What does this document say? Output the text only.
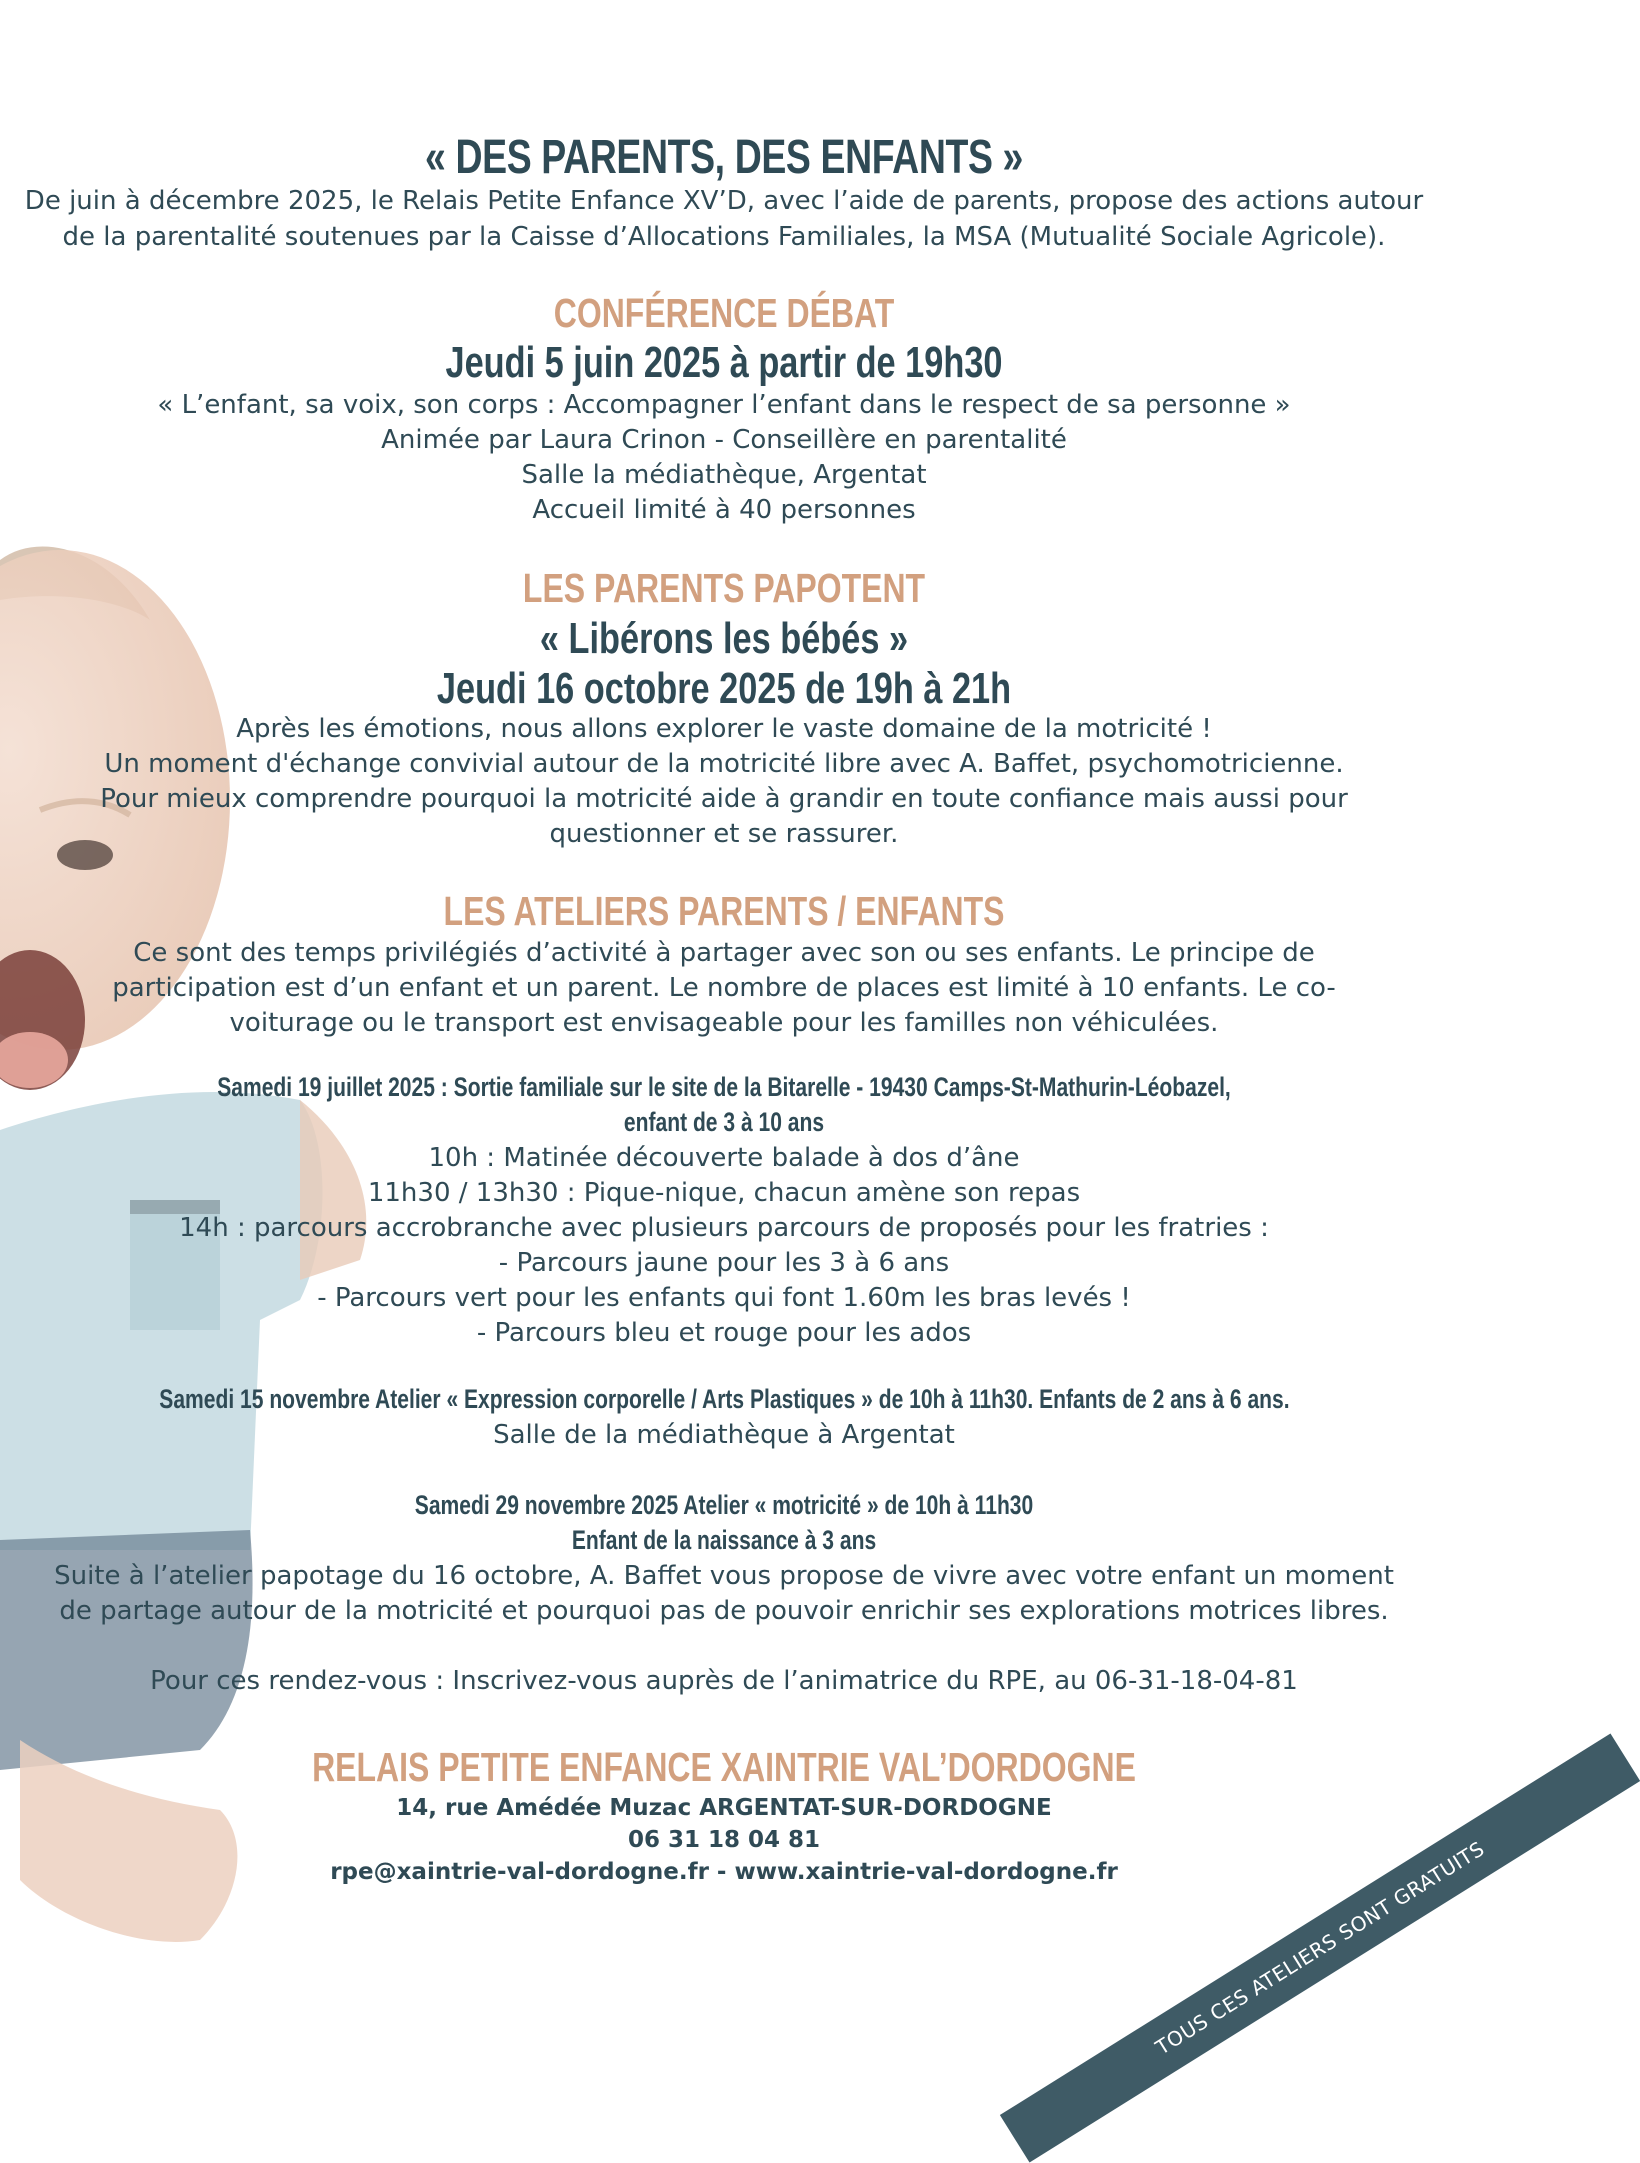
« DES PARENTS, DES ENFANTS »
De juin à décembre 2025, le Relais Petite Enfance XV’D, avec l’aide de parents, propose des actions autour
de la parentalité soutenues par la Caisse d’Allocations Familiales, la MSA (Mutualité Sociale Agricole).
CONFÉRENCE DÉBAT
Jeudi 5 juin 2025 à partir de 19h30
« L’enfant, sa voix, son corps : Accompagner l’enfant dans le respect de sa personne »
Animée par Laura Crinon - Conseillère en parentalité
Salle la médiathèque, Argentat
Accueil limité à 40 personnes
LES PARENTS PAPOTENT
« Libérons les bébés »
Jeudi 16 octobre 2025 de 19h à 21h
Après les émotions, nous allons explorer le vaste domaine de la motricité !
Un moment d'échange convivial autour de la motricité libre avec A. Baffet, psychomotricienne.
Pour mieux comprendre pourquoi la motricité aide à grandir en toute confiance mais aussi pour
questionner et se rassurer.
LES ATELIERS PARENTS / ENFANTS
Ce sont des temps privilégiés d’activité à partager avec son ou ses enfants. Le principe de
participation est d’un enfant et un parent. Le nombre de places est limité à 10 enfants. Le co-
voiturage ou le transport est envisageable pour les familles non véhiculées.
Samedi 19 juillet 2025 : Sortie familiale sur le site de la Bitarelle - 19430 Camps-St-Mathurin-Léobazel,
enfant de 3 à 10 ans
10h : Matinée découverte balade à dos d’âne
11h30 / 13h30 : Pique-nique, chacun amène son repas
14h : parcours accrobranche avec plusieurs parcours de proposés pour les fratries :
- Parcours jaune pour les 3 à 6 ans
- Parcours vert pour les enfants qui font 1.60m les bras levés !
- Parcours bleu et rouge pour les ados
Samedi 15 novembre Atelier « Expression corporelle / Arts Plastiques » de 10h à 11h30. Enfants de 2 ans à 6 ans.
Salle de la médiathèque à Argentat
Samedi 29 novembre 2025 Atelier « motricité » de 10h à 11h30
Enfant de la naissance à 3 ans
Suite à l’atelier papotage du 16 octobre, A. Baffet vous propose de vivre avec votre enfant un moment
de partage autour de la motricité et pourquoi pas de pouvoir enrichir ses explorations motrices libres.
Pour ces rendez-vous : Inscrivez-vous auprès de l’animatrice du RPE, au 06-31-18-04-81
RELAIS PETITE ENFANCE XAINTRIE VAL’DORDOGNE
14, rue Amédée Muzac ARGENTAT-SUR-DORDOGNE
06 31 18 04 81
rpe@xaintrie-val-dordogne.fr - www.xaintrie-val-dordogne.fr	TOUS CES ATELIERS SONT GRATUITS
